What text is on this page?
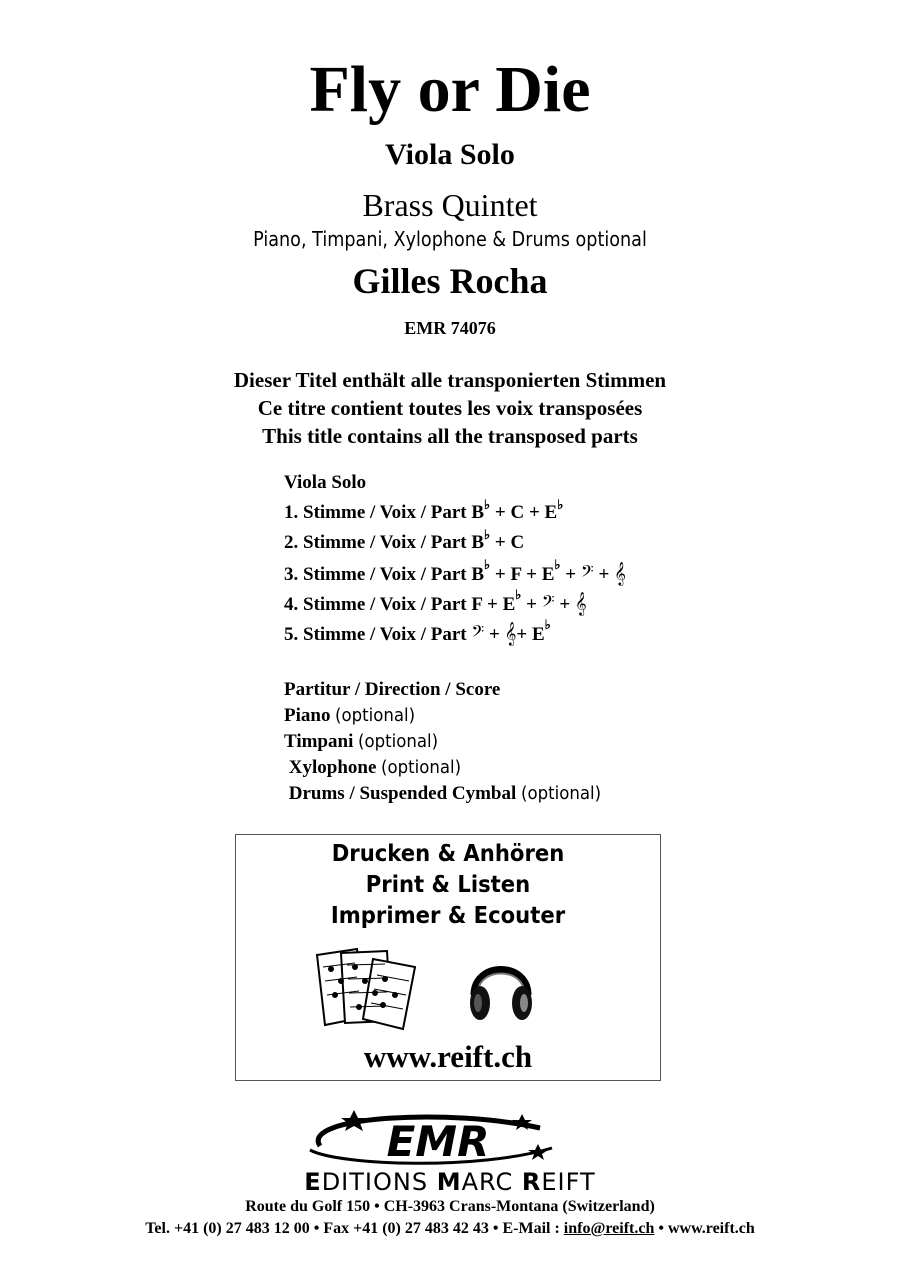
Fly or Die
Viola Solo
Brass Quintet
Piano, Timpani, Xylophone & Drums optional
Gilles Rocha
EMR 74076
Dieser Titel enthält alle transponierten Stimmen
Ce titre contient toutes les voix transposées
This title contains all the transposed parts
Viola Solo
1. Stimme / Voix / Part B♭ + C + E♭
2. Stimme / Voix / Part B♭ + C
3. Stimme / Voix / Part B♭ + F + E♭ + 𝄢 + 𝄞
4. Stimme / Voix / Part F + E♭ + 𝄢 + 𝄞
5. Stimme / Voix / Part 𝄢 + 𝄞+ E♭
Partitur / Direction / Score
Piano (optional)
Timpani (optional)
Xylophone (optional)
Drums / Suspended Cymbal (optional)
Drucken & Anhören
Print & Listen
Imprimer & Ecouter
www.reift.ch
EMR
EDITIONS MARC REIFT
Route du Golf 150 • CH-3963 Crans-Montana (Switzerland)
Tel. +41 (0) 27 483 12 00 • Fax +41 (0) 27 483 42 43 • E-Mail : info@reift.ch • www.reift.ch
